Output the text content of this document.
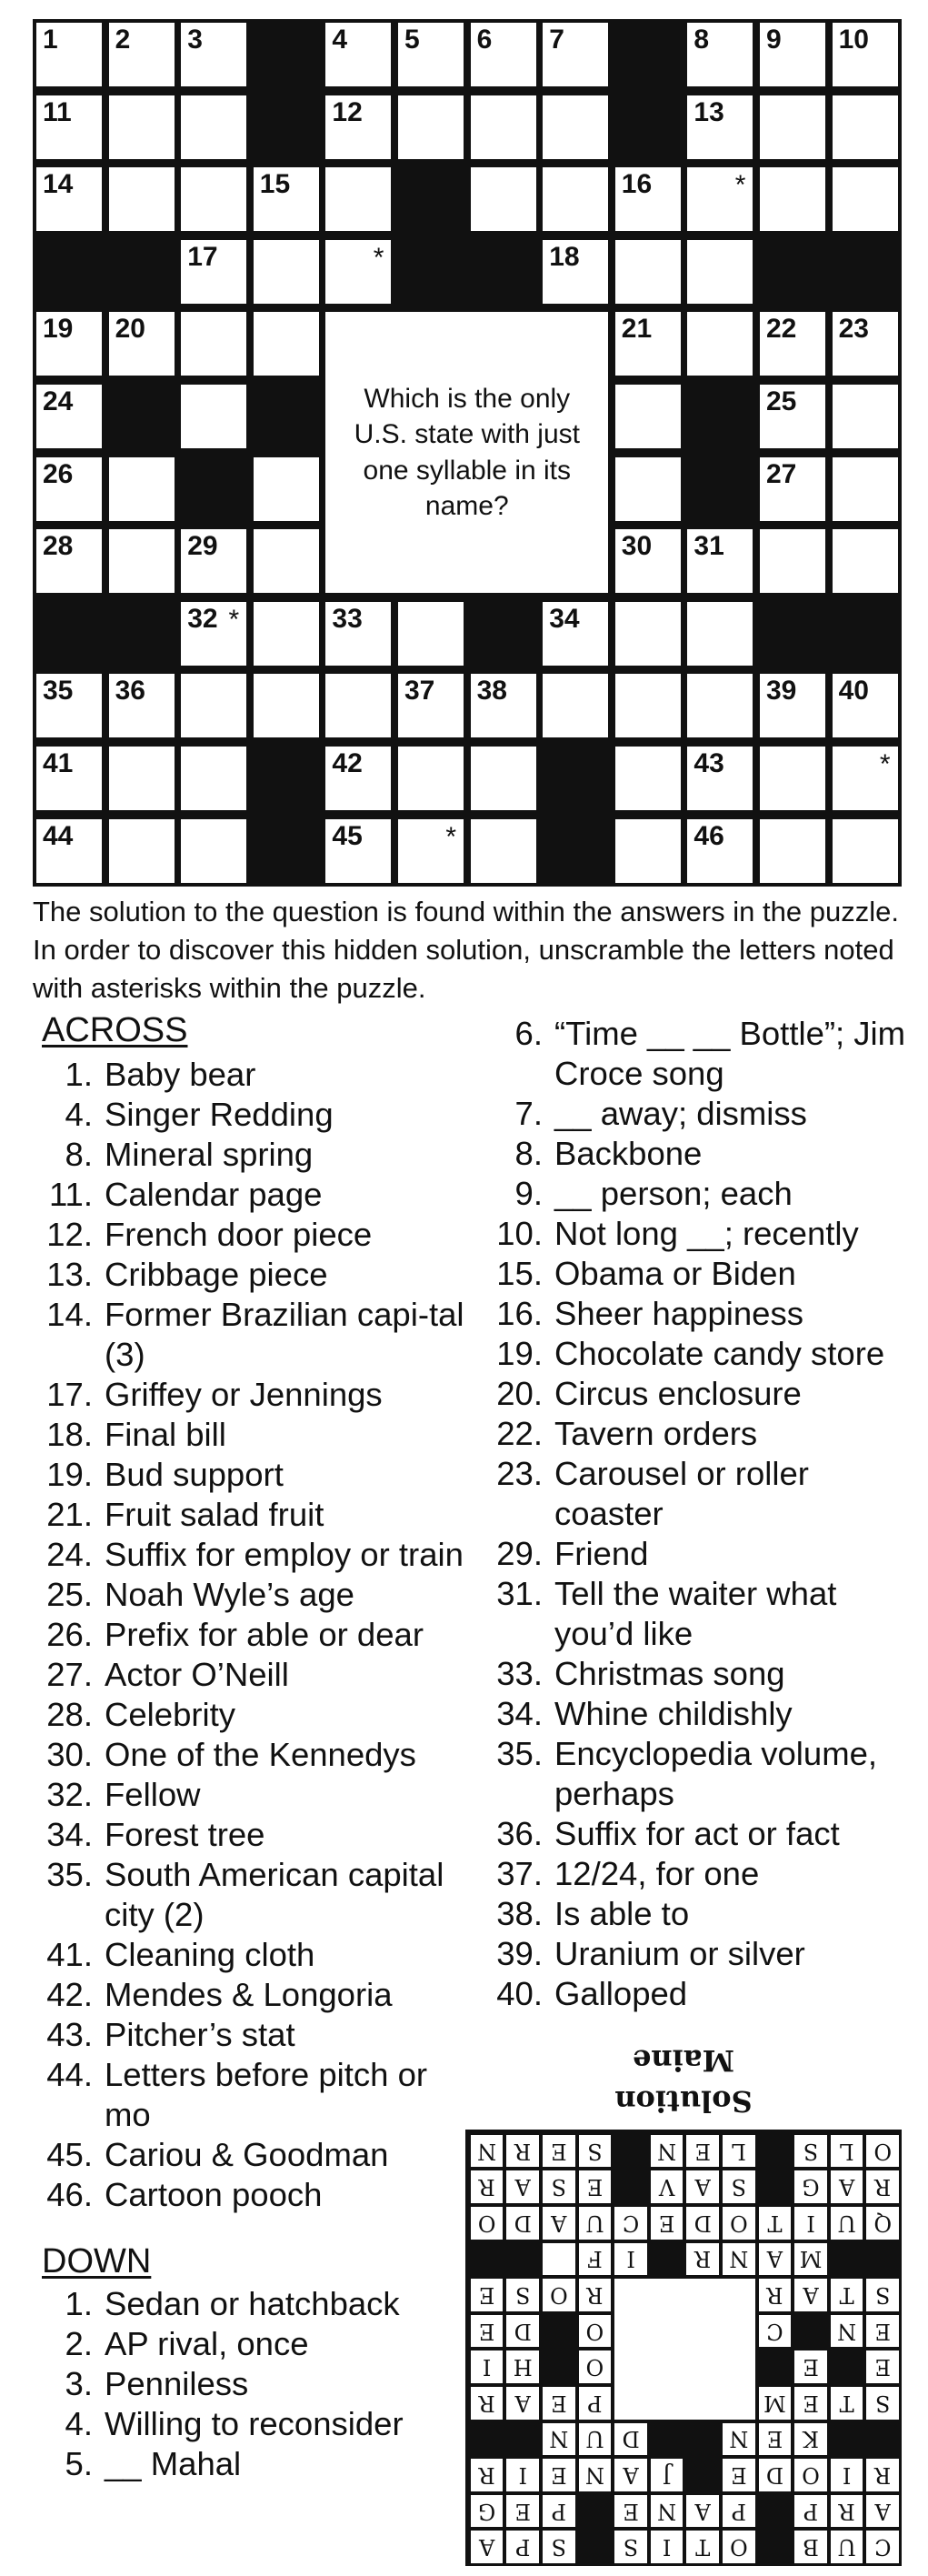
1 2 3	4 5 6 7	8 9 10
11	12	13
14	15	16	*
17	*	18
19 20	21	22 23
24	25
26	27
28	29	30 31
32 *	33	34
35 36	37 38	39 40
41	42	43	*
44	45	*	46
Which is the only U.S. state with just one syllable in its name?
The solution to the question is found within the answers in the puzzle. In order to discover this hidden solution, unscramble the letters noted with asterisks within the puzzle.
ACROSS
1. Baby bear
4. Singer Redding
8. Mineral spring
11. Calendar page
12. French door piece
13. Cribbage piece
14. Former Brazilian capi-tal (3)
17. Griffey or Jennings
18. Final bill
19. Bud support
21. Fruit salad fruit
24. Suffix for employ or train
25. Noah Wyle’s age
26. Prefix for able or dear
27. Actor O’Neill
28. Celebrity
30. One of the Kennedys
32. Fellow
34. Forest tree
35. South American capital city (2)
41. Cleaning cloth
42. Mendes & Longoria
43. Pitcher’s stat
44. Letters before pitch or mo
45. Cariou & Goodman
46. Cartoon pooch
DOWN
1. Sedan or hatchback
2. AP rival, once
3. Penniless
4. Willing to reconsider
5. __ Mahal
6. “Time __ __ Bottle”; Jim Croce song
7. __ away; dismiss
8. Backbone
9. __ person; each
10. Not long __; recently
15. Obama or Biden
16. Sheer happiness
19. Chocolate candy store
20. Circus enclosure
22. Tavern orders
23. Carousel or roller coaster
29. Friend
31. Tell the waiter what you’d like
33. Christmas song
34. Whine childishly
35. Encyclopedia volume, perhaps
36. Suffix for act or fact
37. 12/24, for one
38. Is able to
39. Uranium or silver
40. Galloped
C
U
B
O
T
I
S
S
P
A
A
R
P
P
A
N
E
P
E
G
R
I
O
D
E
J
A
N
E
I
R
K
E
N
D
U
N
S
T
E
M
P
E
A
R
E
E
O
H
I
E
N
C
O
D
E
S
T
A
R
R
O
S
E
M
A
N
R
I
F
Q
U
I
T
O
D
E
C
U
A
D
O
R
A
G
S
A
V
E
S
A
R
O
L
S
L
E
N
S
E
R
N
Solution
Maine
